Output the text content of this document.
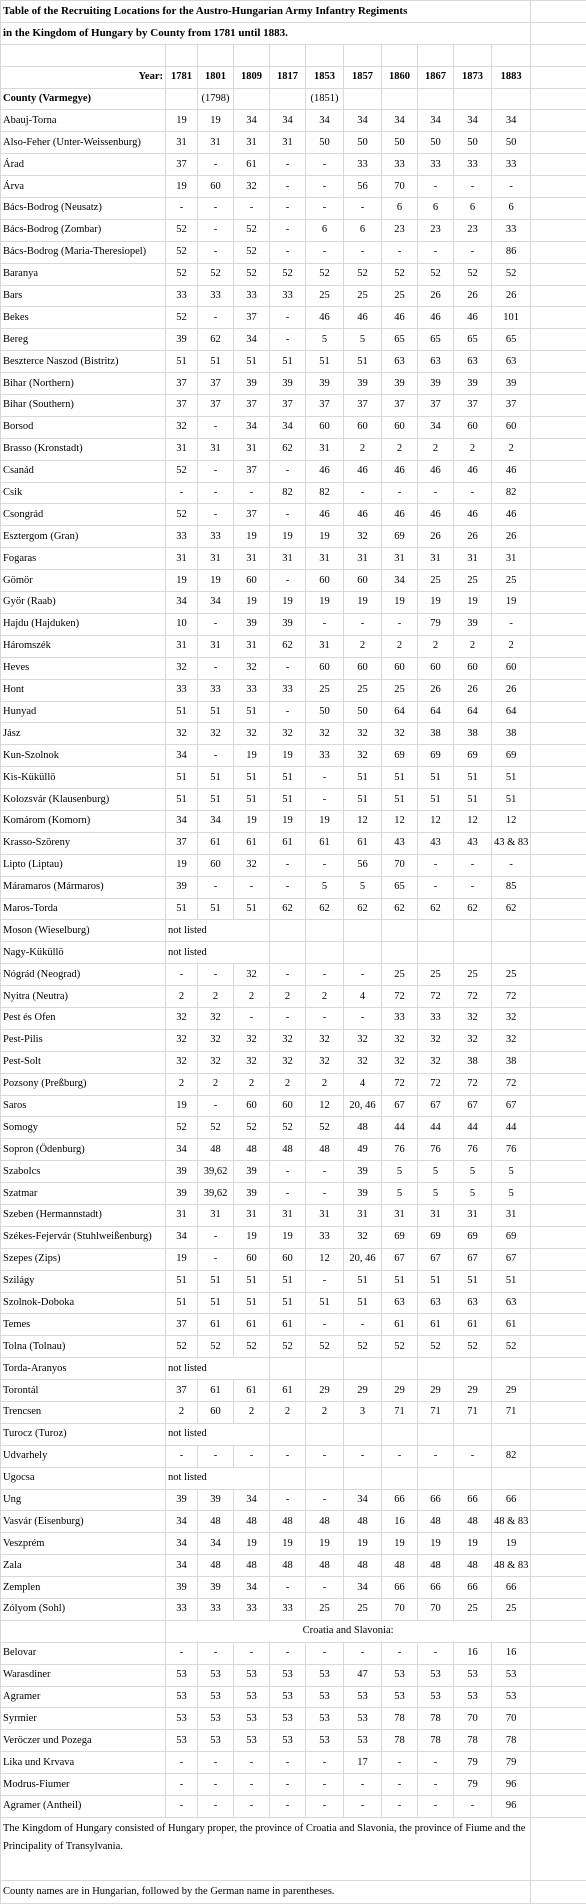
Table of the Recruiting Locations for the Austro-Hungarian Army Infantry Regiments											
in the Kingdom of Hungary by County from 1781 until 1883.											

Year:	1781	1801	1809	1817	1853	1857	1860	1867	1873	1883	
County (Varmegye)		(1798)			(1851)						
Abauj-Torna	19	19	34	34	34	34	34	34	34	34	
Also-Feher (Unter-Weissenburg)	31	31	31	31	50	50	50	50	50	50	
Árad	37	-	61	-	-	33	33	33	33	33	
Árva	19	60	32	-	-	56	70	-	-	-	
Bács-Bodrog (Neusatz)	-	-	-	-	-	-	6	6	6	6	
Bács-Bodrog (Zombar)	52	-	52	-	6	6	23	23	23	33	
Bács-Bodrog (Maria-Theresiopel)	52	-	52	-	-	-	-	-	-	86	
Baranya	52	52	52	52	52	52	52	52	52	52	
Bars	33	33	33	33	25	25	25	26	26	26	
Bekes	52	-	37	-	46	46	46	46	46	101	
Bereg	39	62	34	-	5	5	65	65	65	65	
Beszterce Naszod (Bistritz)	51	51	51	51	51	51	63	63	63	63	
Bihar (Northern)	37	37	39	39	39	39	39	39	39	39	
Bihar (Southern)	37	37	37	37	37	37	37	37	37	37	
Borsod	32	-	34	34	60	60	60	34	60	60	
Brasso (Kronstadt)	31	31	31	62	31	2	2	2	2	2	
Csanád	52	-	37	-	46	46	46	46	46	46	
Csik	-	-	-	82	82	-	-	-	-	82	
Csongrád	52	-	37	-	46	46	46	46	46	46	
Esztergom (Gran)	33	33	19	19	19	32	69	26	26	26	
Fogaras	31	31	31	31	31	31	31	31	31	31	
Gömör	19	19	60	-	60	60	34	25	25	25	
Györ (Raab)	34	34	19	19	19	19	19	19	19	19	
Hajdu (Hajduken)	10	-	39	39	-	-	-	79	39	-	
Háromszék	31	31	31	62	31	2	2	2	2	2	
Heves	32	-	32	-	60	60	60	60	60	60	
Hont	33	33	33	33	25	25	25	26	26	26	
Hunyad	51	51	51	-	50	50	64	64	64	64	
Jász	32	32	32	32	32	32	32	38	38	38	
Kun-Szolnok	34	-	19	19	33	32	69	69	69	69	
Kis-Küküllö	51	51	51	51	-	51	51	51	51	51	
Kolozsvár (Klausenburg)	51	51	51	51	-	51	51	51	51	51	
Komárom (Komorn)	34	34	19	19	19	12	12	12	12	12	
Krasso-Szöreny	37	61	61	61	61	61	43	43	43	43 & 83	
Lipto (Liptau)	19	60	32	-	-	56	70	-	-	-	
Máramaros (Mármaros)	39	-	-	-	5	5	65	-	-	85	
Maros-Torda	51	51	51	62	62	62	62	62	62	62	
Moson (Wieselburg)	not listed										
Nagy-Küküllö	not listed										
Nógrád (Neograd)	-	-	32	-	-	-	25	25	25	25	
Nyitra (Neutra)	2	2	2	2	2	4	72	72	72	72	
Pest és Ofen	32	32	-	-	-	-	33	33	32	32	
Pest-Pilis	32	32	32	32	32	32	32	32	32	32	
Pest-Solt	32	32	32	32	32	32	32	32	38	38	
Pozsony (Preßburg)	2	2	2	2	2	4	72	72	72	72	
Saros	19	-	60	60	12	20, 46	67	67	67	67	
Somogy	52	52	52	52	52	48	44	44	44	44	
Sopron (Ödenburg)	34	48	48	48	48	49	76	76	76	76	
Szabolcs	39	39,62	39	-	-	39	5	5	5	5	
Szatmar	39	39,62	39	-	-	39	5	5	5	5	
Szeben (Hermannstadt)	31	31	31	31	31	31	31	31	31	31	
Székes-Fejervár (Stuhlweißenburg)	34	-	19	19	33	32	69	69	69	69	
Szepes (Zips)	19	-	60	60	12	20, 46	67	67	67	67	
Szilágy	51	51	51	51	-	51	51	51	51	51	
Szolnok-Doboka	51	51	51	51	51	51	63	63	63	63	
Temes	37	61	61	61	-	-	61	61	61	61	
Tolna (Tolnau)	52	52	52	52	52	52	52	52	52	52	
Torda-Aranyos	not listed										
Torontál	37	61	61	61	29	29	29	29	29	29	
Trencsen	2	60	2	2	2	3	71	71	71	71	
Turocz (Turoz)	not listed										
Udvarhely	-	-	-	-	-	-	-	-	-	82	
Ugocsa	not listed										
Ung	39	39	34	-	-	34	66	66	66	66	
Vasvár (Eisenburg)	34	48	48	48	48	48	16	48	48	48 & 83	
Veszprém	34	34	19	19	19	19	19	19	19	19	
Zala	34	48	48	48	48	48	48	48	48	48 & 83	
Zemplen	39	39	34	-	-	34	66	66	66	66	
Zólyom (Sohl)	33	33	33	33	25	25	70	70	25	25	
	Croatia and Slavonia:										
Belovar	-	-	-	-	-	-	-	-	16	16	
Warasdiner	53	53	53	53	53	47	53	53	53	53	
Agramer	53	53	53	53	53	53	53	53	53	53	
Syrmier	53	53	53	53	53	53	78	78	70	70	
Veröczer und Pozega	53	53	53	53	53	53	78	78	78	78	
Lika und Krvava	-	-	-	-	-	17	-	-	79	79	
Modrus-Fiumer	-	-	-	-	-	-	-	-	79	96	
Agramer (Antheil)	-	-	-	-	-	-	-	-	-	96	
The Kingdom of Hungary consisted of Hungary proper, the province of Croatia and Slavonia, the province of Fiume and the Principality of Transylvania.											
County names are in Hungarian, followed by the German name in parentheses.											
